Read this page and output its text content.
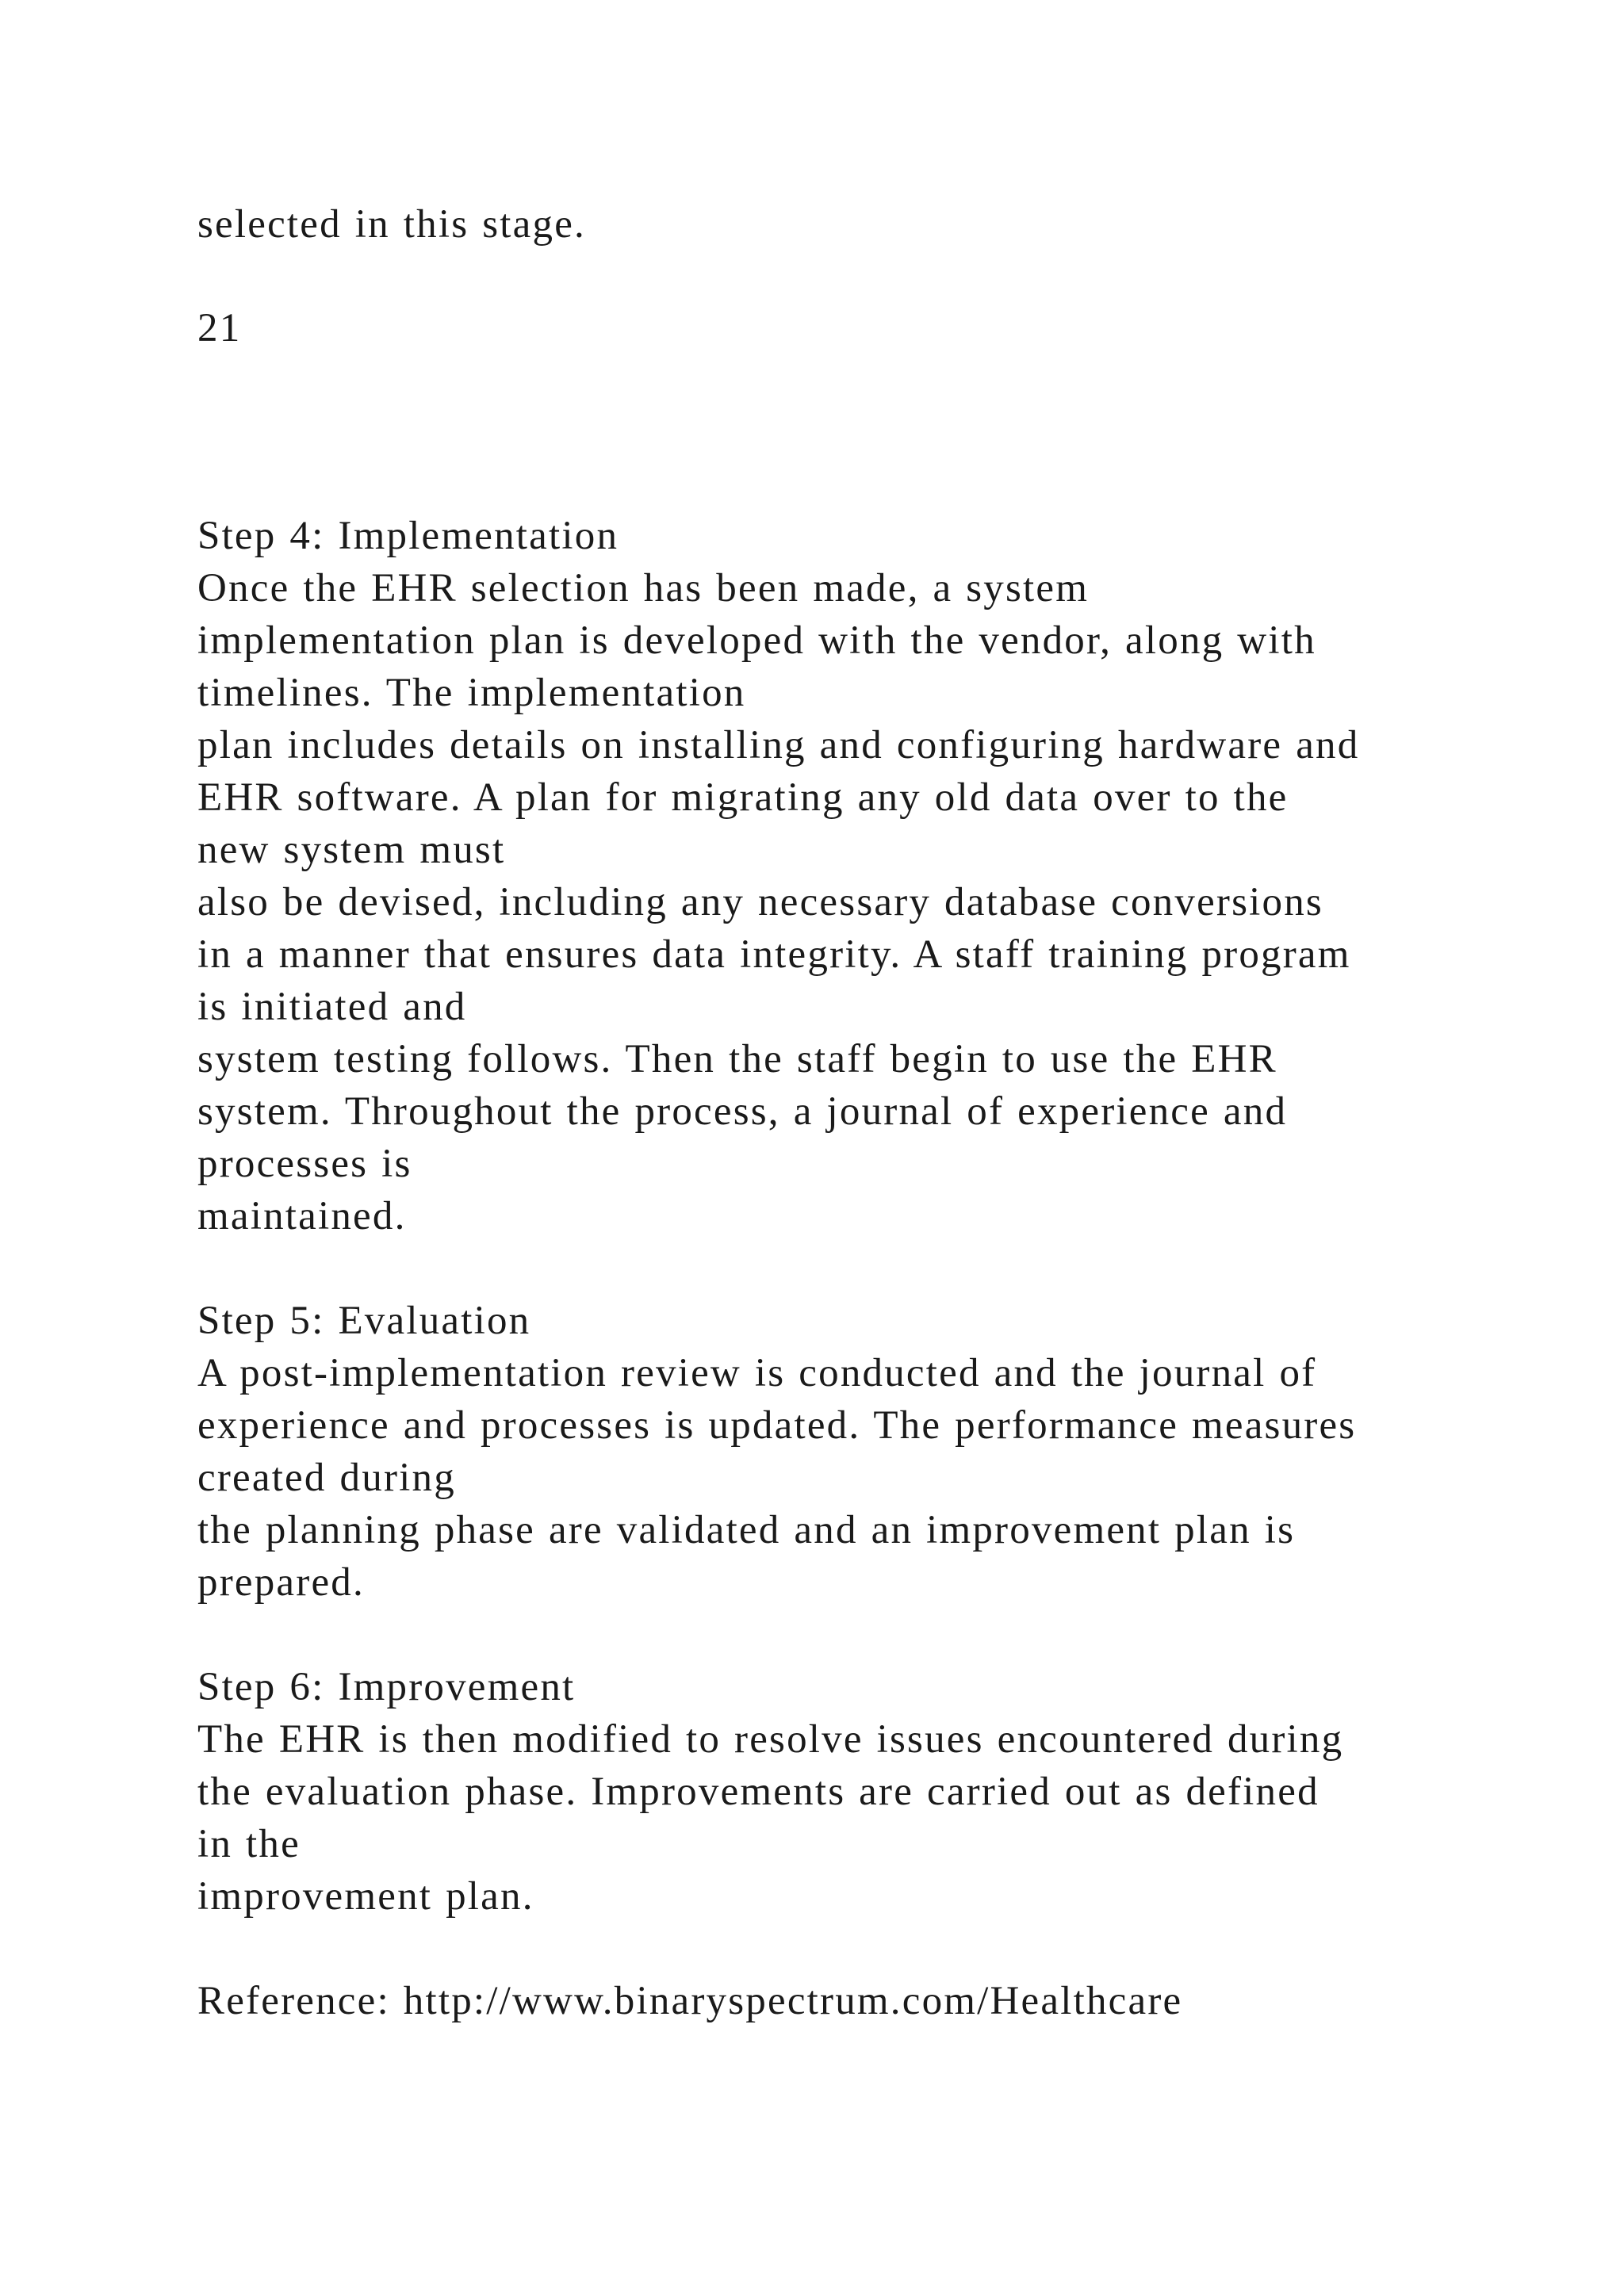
selected in this stage.
21
Step 4: Implementation
Once the EHR selection has been made, a system
implementation plan is developed with the vendor, along with
timelines. The implementation
plan includes details on installing and configuring hardware and
EHR software. A plan for migrating any old data over to the
new system must
also be devised, including any necessary database conversions
in a manner that ensures data integrity. A staff training program
is initiated and
system testing follows. Then the staff begin to use the EHR
system. Throughout the process, a journal of experience and
processes is
maintained.
Step 5: Evaluation
A post-implementation review is conducted and the journal of
experience and processes is updated. The performance measures
created during
the planning phase are validated and an improvement plan is
prepared.
Step 6: Improvement
The EHR is then modified to resolve issues encountered during
the evaluation phase. Improvements are carried out as defined
in the
improvement plan.
Reference: http://www.binaryspectrum.com/Healthcare
